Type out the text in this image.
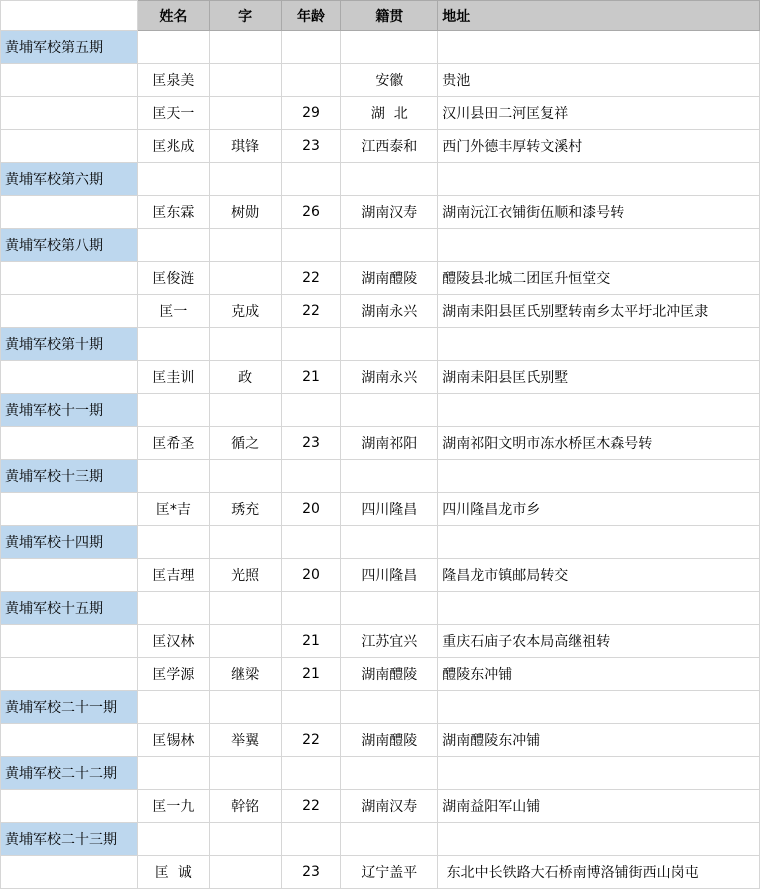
	姓名	字	年龄	籍贯	地址
黄埔军校第五期					
	匡泉美			安徽	贵池
	匡天一		29	湖  北	汉川县田二河匡复祥
	匡兆成	琪锋	23	江西泰和	西门外德丰厚转文溪村
黄埔军校第六期					
	匡东霖	树勋	26	湖南汉寿	湖南沅江衣铺街伍顺和漆号转
黄埔军校第八期					
	匡俊涟		22	湖南醴陵	醴陵县北城二团匡升恒堂交
	匡一	克成	22	湖南永兴	湖南耒阳县匡氏别墅转南乡太平圩北冲匡隶
黄埔军校第十期					
	匡圭训	政	21	湖南永兴	湖南耒阳县匡氏别墅
黄埔军校十一期					
	匡希圣	循之	23	湖南祁阳	湖南祁阳文明市冻水桥匡木森号转
黄埔军校十三期					
	匡*吉	琇充	20	四川隆昌	四川隆昌龙市乡
黄埔军校十四期					
	匡吉理	光照	20	四川隆昌	隆昌龙市镇邮局转交
黄埔军校十五期					
	匡汉林		21	江苏宜兴	重庆石庙子农本局高继祖转
	匡学源	继梁	21	湖南醴陵	醴陵东冲铺
黄埔军校二十一期					
	匡锡林	举翼	22	湖南醴陵	湖南醴陵东冲铺
黄埔军校二十二期					
	匡一九	幹铭	22	湖南汉寿	湖南益阳军山铺
黄埔军校二十三期					
	匡  诚		23	辽宁盖平	东北中长铁路大石桥南博洛铺街西山岗屯
